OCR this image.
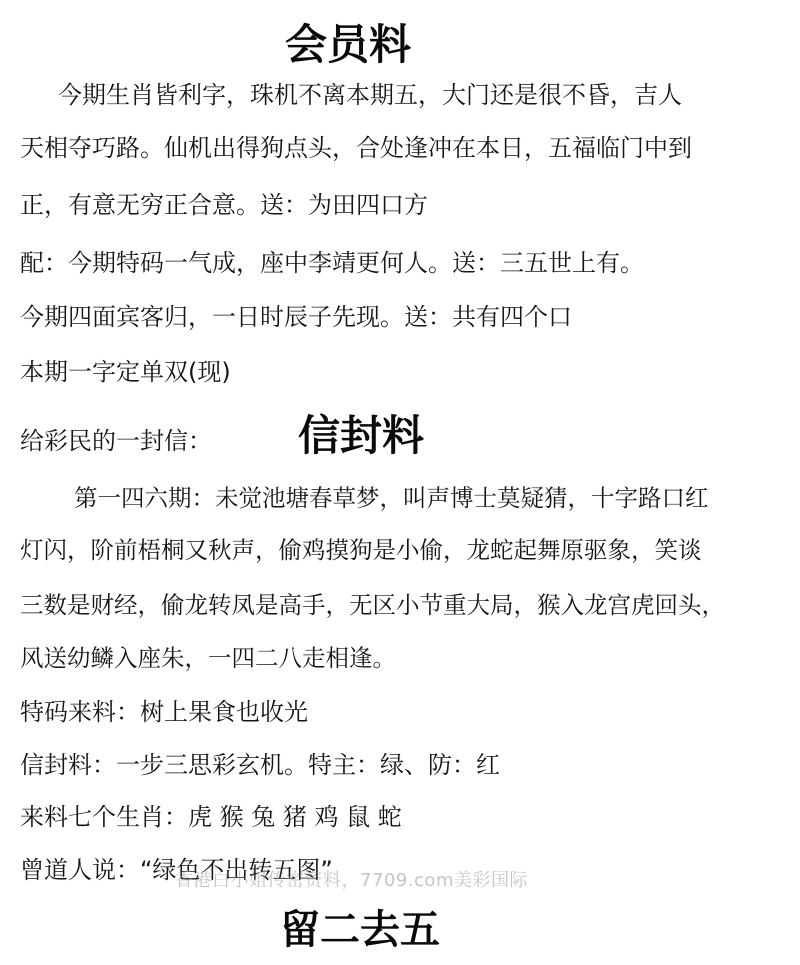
会员料
今期生肖皆利字，珠机不离本期五，大门还是很不昏，吉人
天相夺巧路。仙机出得狗点头，合处逢冲在本日，五福临门中到
正，有意无穷正合意。送：为田四口方
配：今期特码一气成，座中李靖更何人。送：三五世上有。
今期四面宾客归，一日时辰子先现。送：共有四个口
本期一字定单双(现)
给彩民的一封信： 信封料
第一四六期：未觉池塘春草梦，叫声博士莫疑猜，十字路口红
灯闪，阶前梧桐又秋声，偷鸡摸狗是小偷，龙蛇起舞原驱象，笑谈
三数是财经，偷龙转凤是高手，无区小节重大局，猴入龙宫虎回头，
风送幼鳞入座朱，一四二八走相逢。
特码来料：树上果食也收光
信封料：一步三思彩玄机。特主：绿、防：红
来料七个生肖：虎 猴 兔 猪 鸡 鼠 蛇
曾道人说：“绿色不出转五图”
香港白小姐传密资料，7709.com美彩国际
留二去五
